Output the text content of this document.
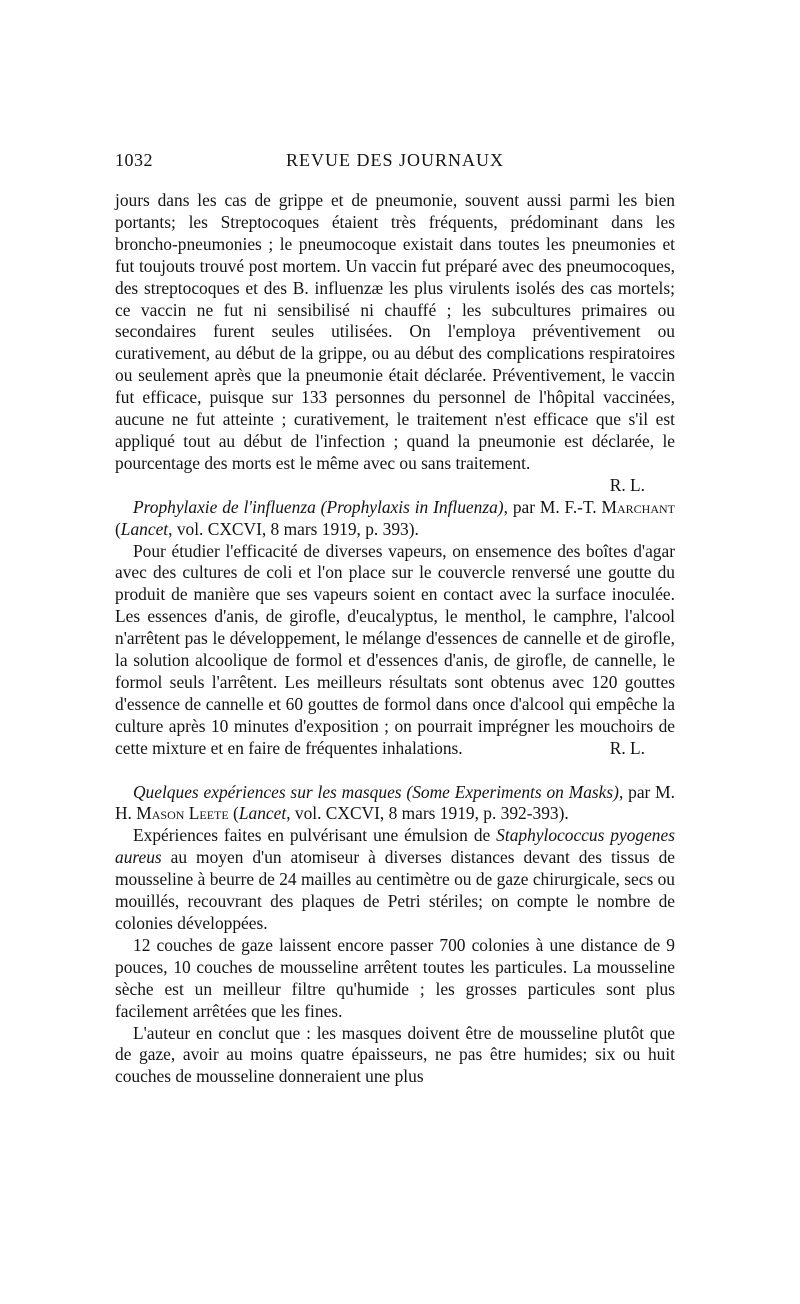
1032	REVUE DES JOURNAUX

jours dans les cas de grippe et de pneumonie, souvent aussi parmi les bien portants; les Streptocoques étaient très fréquents, prédominant dans les broncho-pneumonies ; le pneumocoque existait dans toutes les pneumonies et fut toujouts trouvé post mortem. Un vaccin fut préparé avec des pneumocoques, des streptocoques et des B. influenzæ les plus virulents isolés des cas mortels; ce vaccin ne fut ni sensibilisé ni chauffé ; les subcultures primaires ou secondaires furent seules utilisées. On l'employa préventivement ou curativement, au début de la grippe, ou au début des complications respiratoires ou seulement après que la pneumonie était déclarée. Préventivement, le vaccin fut efficace, puisque sur 133 personnes du personnel de l'hôpital vaccinées, aucune ne fut atteinte ; curativement, le traitement n'est efficace que s'il est appliqué tout au début de l'infection ; quand la pneumonie est déclarée, le pourcentage des morts est le même avec ou sans traitement.

R. L.

Prophylaxie de l'influenza (Prophylaxis in Influenza), par M. F.-T. Marchant (Lancet, vol. CXCVI, 8 mars 1919, p. 393).

Pour étudier l'efficacité de diverses vapeurs, on ensemence des boîtes d'agar avec des cultures de coli et l'on place sur le couvercle renversé une goutte du produit de manière que ses vapeurs soient en contact avec la surface inoculée. Les essences d'anis, de girofle, d'eucalyptus, le menthol, le camphre, l'alcool n'arrêtent pas le développement, le mélange d'essences de cannelle et de girofle, la solution alcoolique de formol et d'essences d'anis, de girofle, de cannelle, le formol seuls l'arrêtent. Les meilleurs résultats sont obtenus avec 120 gouttes d'essence de cannelle et 60 gouttes de formol dans once d'alcool qui empêche la culture après 10 minutes d'exposition ; on pourrait imprégner les mouchoirs de cette mixture et en faire de fréquentes inhalations.	R. L.

Quelques expériences sur les masques (Some Experiments on Masks), par M. H. Mason Leete (Lancet, vol. CXCVI, 8 mars 1919, p. 392-393).

Expériences faites en pulvérisant une émulsion de Staphylococcus pyogenes aureus au moyen d'un atomiseur à diverses distances devant des tissus de mousseline à beurre de 24 mailles au centimètre ou de gaze chirurgicale, secs ou mouillés, recouvrant des plaques de Petri stériles; on compte le nombre de colonies développées.

12 couches de gaze laissent encore passer 700 colonies à une distance de 9 pouces, 10 couches de mousseline arrêtent toutes les particules. La mousseline sèche est un meilleur filtre qu'humide ; les grosses particules sont plus facilement arrêtées que les fines.

L'auteur en conclut que : les masques doivent être de mousseline plutôt que de gaze, avoir au moins quatre épaisseurs, ne pas être humides; six ou huit couches de mousseline donneraient une plus
